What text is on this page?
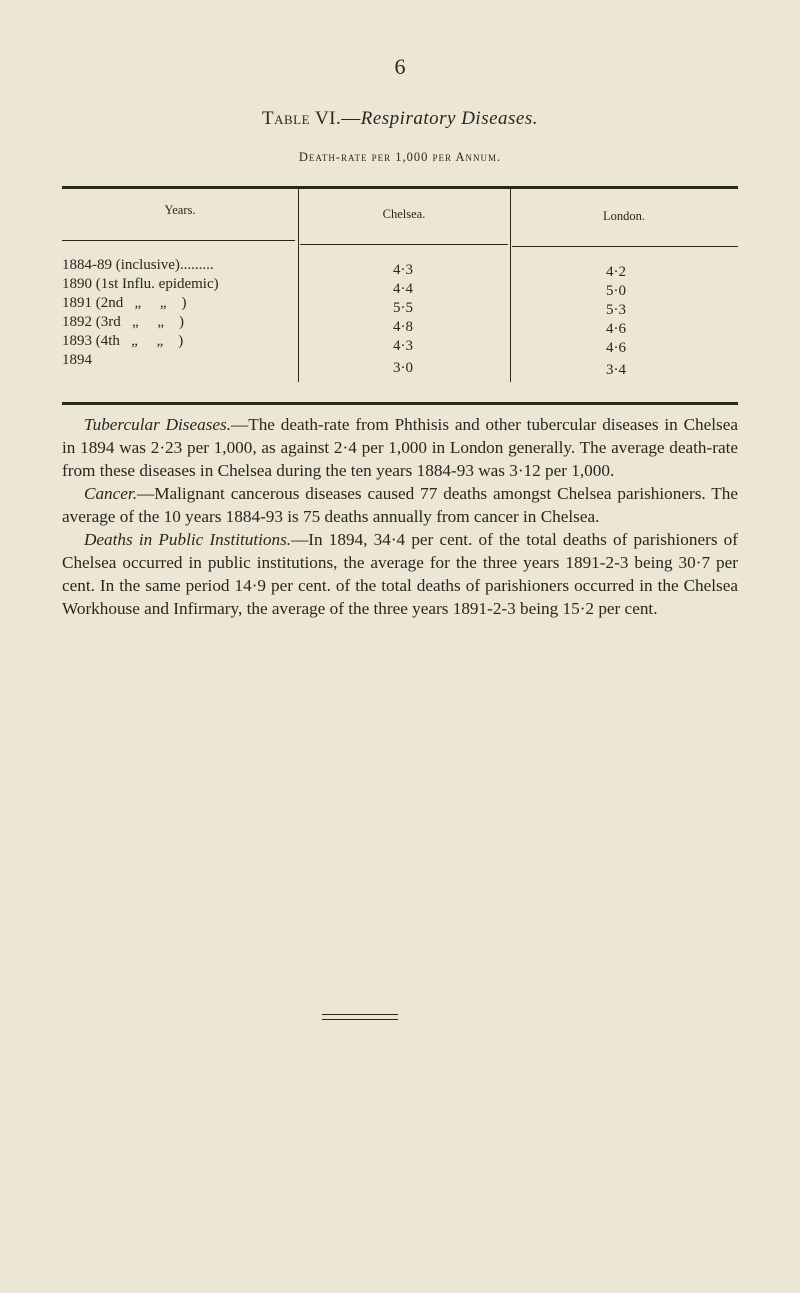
6
Table VI.—Respiratory Diseases.
Death-rate per 1,000 per Annum.
Years.	Chelsea.	London.
1884-89 (inclusive).........	4·3	4·2
1890 (1st Influ. epidemic)	4·4	5·0
1891 (2nd   „     „    )	5·5	5·3
1892 (3rd   „     „    )	4·8	4·6
1893 (4th   „     „    )	4·3	4·6
1894	3·0	3·4

Tubercular Diseases.—The death-rate from Phthisis and other tubercular diseases in Chelsea in 1894 was 2·23 per 1,000, as against 2·4 per 1,000 in London generally. The average death-rate from these diseases in Chelsea during the ten years 1884-93 was 3·12 per 1,000.

Cancer.—Malignant cancerous diseases caused 77 deaths amongst Chelsea parishioners. The average of the 10 years 1884-93 is 75 deaths annually from cancer in Chelsea.

Deaths in Public Institutions.—In 1894, 34·4 per cent. of the total deaths of parishioners of Chelsea occurred in public institutions, the average for the three years 1891-2-3 being 30·7 per cent. In the same period 14·9 per cent. of the total deaths of parishioners occurred in the Chelsea Workhouse and Infirmary, the average of the three years 1891-2-3 being 15·2 per cent.
